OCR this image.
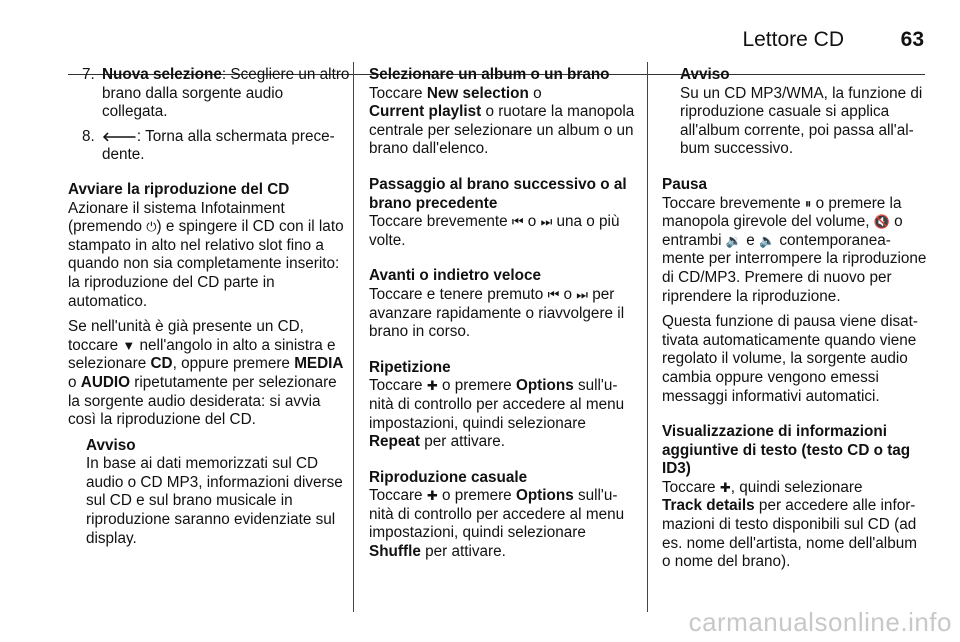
Lettore CD	63
7. Nuova selezione: Scegliere un altro brano dalla sorgente audio collegata.
8. 🡐: Torna alla schermata precedente.

Avviare la riproduzione del CD

Azionare il sistema Infotainment (premendo ⏻) e spingere il CD con il lato stampato in alto nel relativo slot fino a quando non sia completamente inserito: la riproduzione del CD parte in automatico.

Se nell'unità è già presente un CD, toccare ▼ nell'angolo in alto a sinistra e selezionare CD, oppure premere MEDIA o AUDIO ripetutamente per selezionare la sorgente audio desiderata: si avvia così la riproduzione del CD.

Avviso

In base ai dati memorizzati sul CD audio o CD MP3, informazioni diverse sul CD e sul brano musicale in riproduzione saranno evidenziate sul display.

Selezionare un album o un brano

Toccare New selection o
Current playlist o ruotare la manopola centrale per selezionare un album o un brano dall'elenco.

Passaggio al brano successivo o al brano precedente

Toccare brevemente ⏮ o ⏭ una o più volte.

Avanti o indietro veloce

Toccare e tenere premuto ⏮ o ⏭ per avanzare rapidamente o riavvolgere il brano in corso.

Ripetizione

Toccare ✚ o premere Options sull'unità di controllo per accedere al menu impostazioni, quindi selezionare Repeat per attivare.

Riproduzione casuale

Toccare ✚ o premere Options sull'unità di controllo per accedere al menu impostazioni, quindi selezionare Shuffle per attivare.

Avviso

Su un CD MP3/WMA, la funzione di riproduzione casuale si applica all'album corrente, poi passa all'album successivo.

Pausa

Toccare brevemente ⏸ o premere la manopola girevole del volume, 🔇 o entrambi 🔉 e 🔈 contemporaneamente per interrompere la riproduzione di CD/MP3. Premere di nuovo per riprendere la riproduzione.

Questa funzione di pausa viene disattivata automaticamente quando viene regolato il volume, la sorgente audio cambia oppure vengono emessi messaggi informativi automatici.

Visualizzazione di informazioni aggiuntive di testo (testo CD o tag ID3)

Toccare ✚, quindi selezionare
Track details per accedere alle informazioni di testo disponibili sul CD (ad es. nome dell'artista, nome dell'album o nome del brano).

carmanualsonline.info
